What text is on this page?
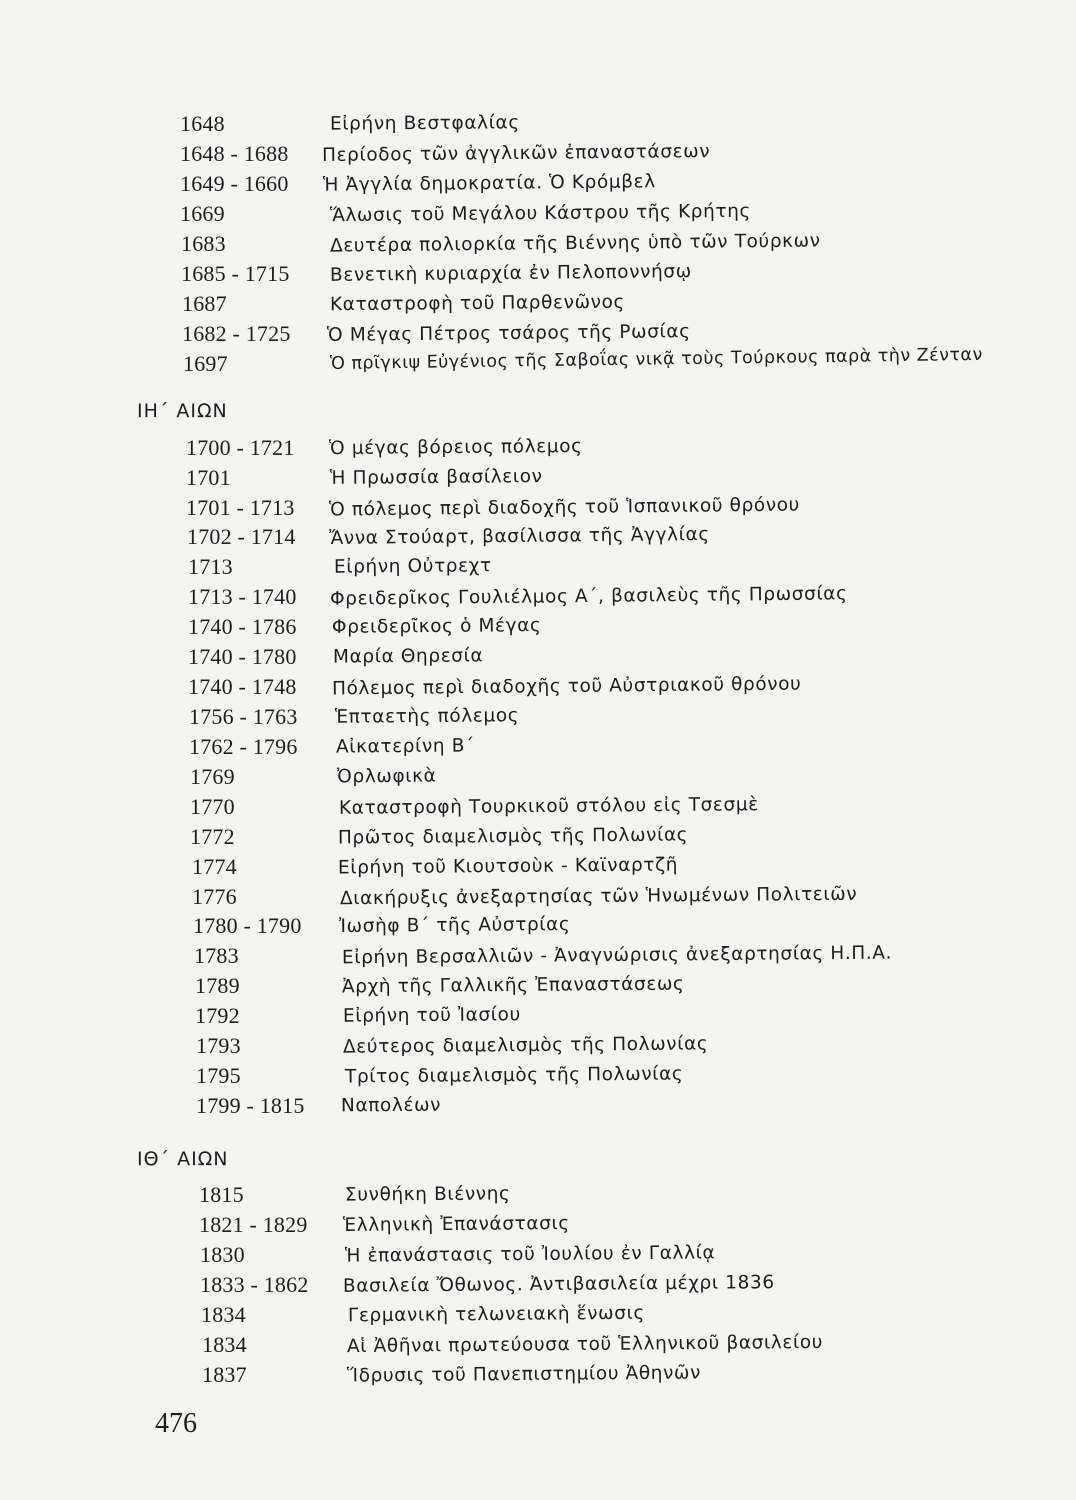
1648	Εἰρήνη Βεστφαλίας
1648 - 1688 Περίοδος τῶν ἀγγλικῶν ἐπαναστάσεων
1649 - 1660 Ἡ Ἀγγλία δημοκρατία. Ὁ Κρόμβελ
1669	Ἅλωσις τοῦ Μεγάλου Κάστρου τῆς Κρήτης
1683	Δευτέρα πολιορκία τῆς Βιέννης ὑπὸ τῶν Τούρκων
1685 - 1715 Βενετικὴ κυριαρχία ἐν Πελοποννήσῳ
1687	Καταστροφὴ τοῦ Παρθενῶνος
1682 - 1725 Ὁ Μέγας Πέτρος τσάρος τῆς Ρωσίας
1697	Ὁ πρῖγκιψ Εὐγένιος τῆς Σαβοΐας νικᾷ τοὺς Τούρκους παρὰ τὴν Ζένταν
ΙΗ΄ ΑΙΩΝ
1700 - 1721 Ὁ μέγας βόρειος πόλεμος
1701	Ἡ Πρωσσία βασίλειον
1701 - 1713 Ὁ πόλεμος περὶ διαδοχῆς τοῦ Ἱσπανικοῦ θρόνου
1702 - 1714 Ἄννα Στούαρτ, βασίλισσα τῆς Ἀγγλίας
1713	Εἰρήνη Οὐτρεχτ
1713 - 1740 Φρειδερῖκος Γουλιέλμος Α΄, βασιλεὺς τῆς Πρωσσίας
1740 - 1786 Φρειδερῖκος ὁ Μέγας
1740 - 1780 Μαρία Θηρεσία
1740 - 1748 Πόλεμος περὶ διαδοχῆς τοῦ Αὐστριακοῦ θρόνου
1756 - 1763 Ἑπταετὴς πόλεμος
1762 - 1796 Αἰκατερίνη Β΄
1769	Ὀρλωφικὰ
1770	Καταστροφὴ Τουρκικοῦ στόλου εἰς Τσεσμὲ
1772	Πρῶτος διαμελισμὸς τῆς Πολωνίας
1774	Εἰρήνη τοῦ Κιουτσοὺκ - Καϊναρτζῆ
1776	Διακήρυξις ἀνεξαρτησίας τῶν Ἡνωμένων Πολιτειῶν
1780 - 1790 Ἰωσὴφ Β΄ τῆς Αὐστρίας
1783	Εἰρήνη Βερσαλλιῶν - Ἀναγνώρισις ἀνεξαρτησίας Η.Π.Α.
1789	Ἀρχὴ τῆς Γαλλικῆς Ἐπαναστάσεως
1792	Εἰρήνη τοῦ Ἰασίου
1793	Δεύτερος διαμελισμὸς τῆς Πολωνίας
1795	Τρίτος διαμελισμὸς τῆς Πολωνίας
1799 - 1815 Ναπολέων
ΙΘ΄ ΑΙΩΝ
1815	Συνθήκη Βιέννης
1821 - 1829 Ἑλληνικὴ Ἐπανάστασις
1830	Ἡ ἐπανάστασις τοῦ Ἰουλίου ἐν Γαλλίᾳ
1833 - 1862 Βασιλεία Ὄθωνος. Ἀντιβασιλεία μέχρι 1836
1834	Γερμανικὴ τελωνειακὴ ἕνωσις
1834	Αἱ Ἀθῆναι πρωτεύουσα τοῦ Ἑλληνικοῦ βασιλείου
1837	Ἵδρυσις τοῦ Πανεπιστημίου Ἀθηνῶν
476
